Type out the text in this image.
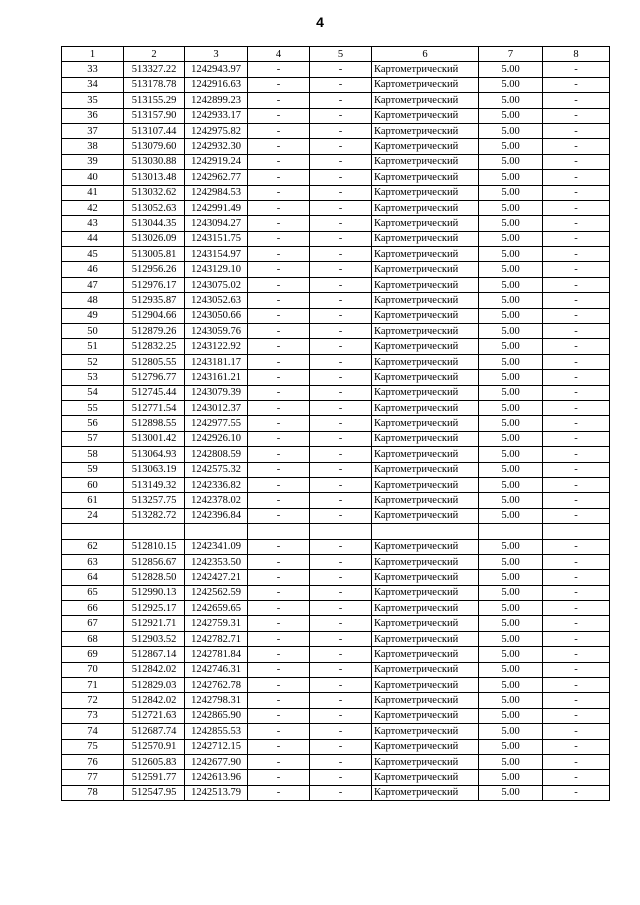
4
1	2	3	4	5	6	7	8
33	513327.22	1242943.97	-	-	Картометрический	5.00	-
34	513178.78	1242916.63	-	-	Картометрический	5.00	-
35	513155.29	1242899.23	-	-	Картометрический	5.00	-
36	513157.90	1242933.17	-	-	Картометрический	5.00	-
37	513107.44	1242975.82	-	-	Картометрический	5.00	-
38	513079.60	1242932.30	-	-	Картометрический	5.00	-
39	513030.88	1242919.24	-	-	Картометрический	5.00	-
40	513013.48	1242962.77	-	-	Картометрический	5.00	-
41	513032.62	1242984.53	-	-	Картометрический	5.00	-
42	513052.63	1242991.49	-	-	Картометрический	5.00	-
43	513044.35	1243094.27	-	-	Картометрический	5.00	-
44	513026.09	1243151.75	-	-	Картометрический	5.00	-
45	513005.81	1243154.97	-	-	Картометрический	5.00	-
46	512956.26	1243129.10	-	-	Картометрический	5.00	-
47	512976.17	1243075.02	-	-	Картометрический	5.00	-
48	512935.87	1243052.63	-	-	Картометрический	5.00	-
49	512904.66	1243050.66	-	-	Картометрический	5.00	-
50	512879.26	1243059.76	-	-	Картометрический	5.00	-
51	512832.25	1243122.92	-	-	Картометрический	5.00	-
52	512805.55	1243181.17	-	-	Картометрический	5.00	-
53	512796.77	1243161.21	-	-	Картометрический	5.00	-
54	512745.44	1243079.39	-	-	Картометрический	5.00	-
55	512771.54	1243012.37	-	-	Картометрический	5.00	-
56	512898.55	1242977.55	-	-	Картометрический	5.00	-
57	513001.42	1242926.10	-	-	Картометрический	5.00	-
58	513064.93	1242808.59	-	-	Картометрический	5.00	-
59	513063.19	1242575.32	-	-	Картометрический	5.00	-
60	513149.32	1242336.82	-	-	Картометрический	5.00	-
61	513257.75	1242378.02	-	-	Картометрический	5.00	-
24	513282.72	1242396.84	-	-	Картометрический	5.00	-

62	512810.15	1242341.09	-	-	Картометрический	5.00	-
63	512856.67	1242353.50	-	-	Картометрический	5.00	-
64	512828.50	1242427.21	-	-	Картометрический	5.00	-
65	512990.13	1242562.59	-	-	Картометрический	5.00	-
66	512925.17	1242659.65	-	-	Картометрический	5.00	-
67	512921.71	1242759.31	-	-	Картометрический	5.00	-
68	512903.52	1242782.71	-	-	Картометрический	5.00	-
69	512867.14	1242781.84	-	-	Картометрический	5.00	-
70	512842.02	1242746.31	-	-	Картометрический	5.00	-
71	512829.03	1242762.78	-	-	Картометрический	5.00	-
72	512842.02	1242798.31	-	-	Картометрический	5.00	-
73	512721.63	1242865.90	-	-	Картометрический	5.00	-
74	512687.74	1242855.53	-	-	Картометрический	5.00	-
75	512570.91	1242712.15	-	-	Картометрический	5.00	-
76	512605.83	1242677.90	-	-	Картометрический	5.00	-
77	512591.77	1242613.96	-	-	Картометрический	5.00	-
78	512547.95	1242513.79	-	-	Картометрический	5.00	-
